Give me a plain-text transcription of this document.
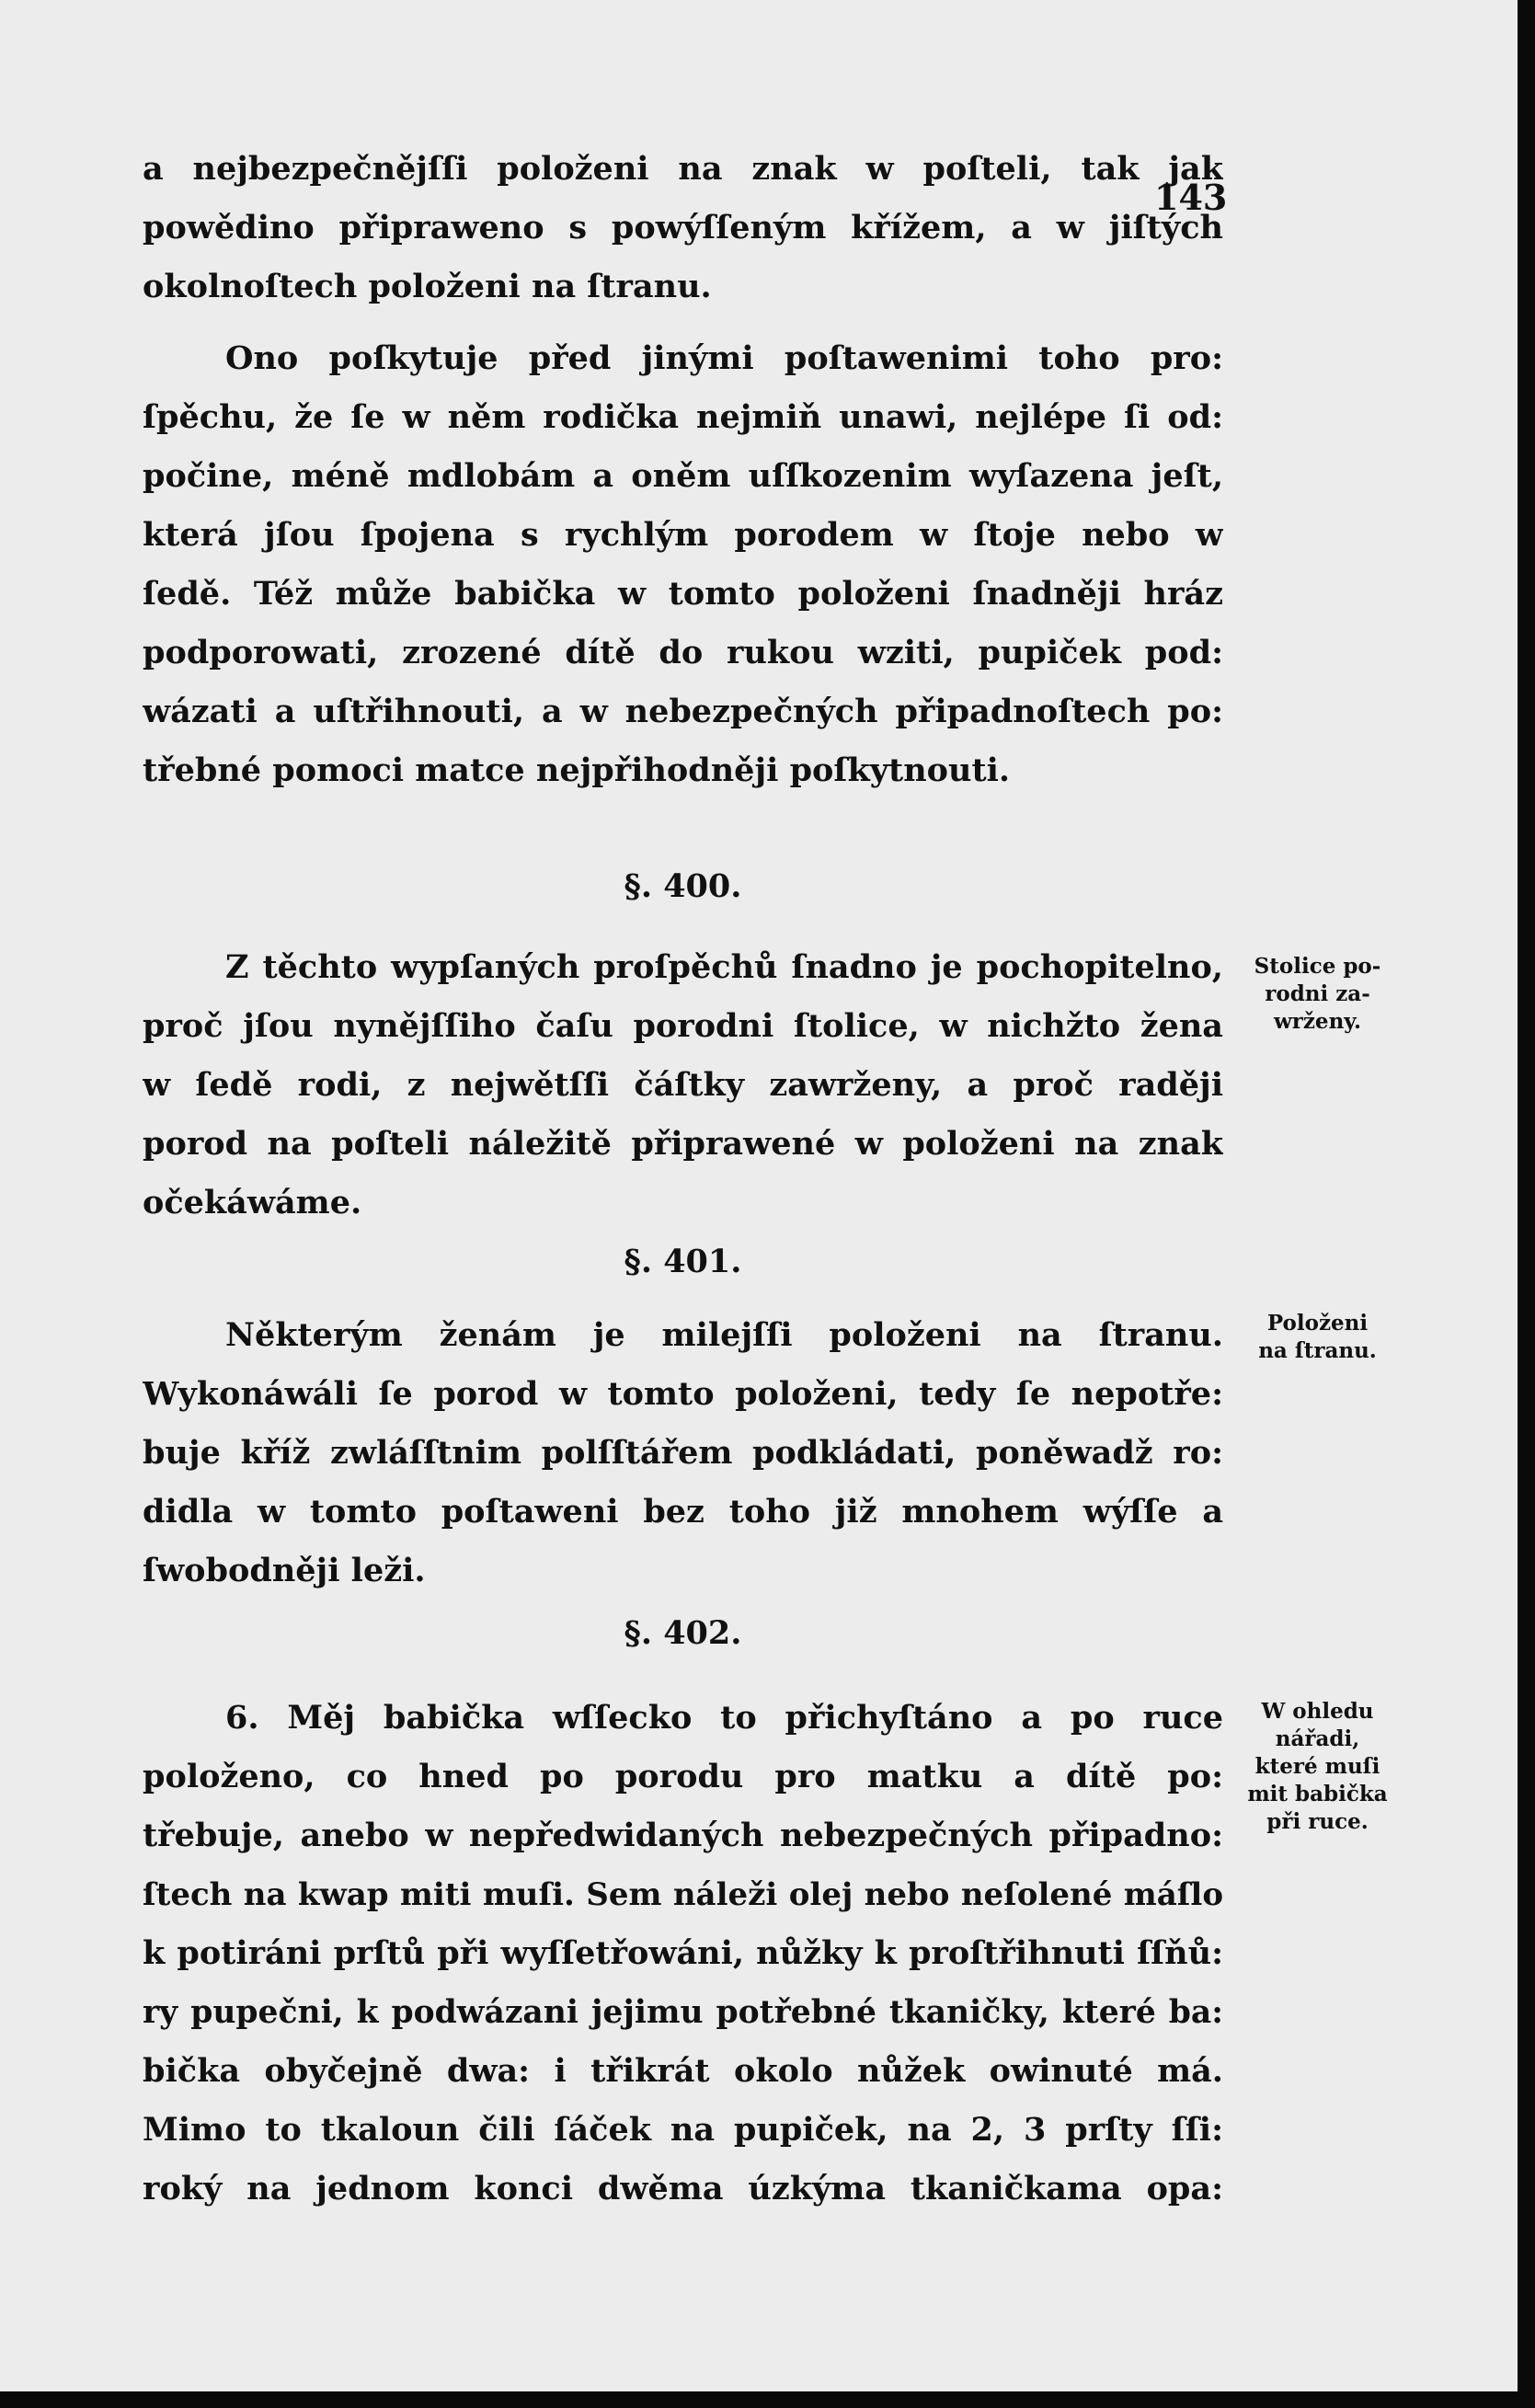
143
a nejbezpečnějſſi položeni na znak w poſteli, tak jak
powědino připraweno s powýſſeným křížem, a w jiſtých
okolnoſtech položeni na ſtranu.
Ono poſkytuje před jinými poſtawenimi toho pro:
ſpěchu, že ſe w něm rodička nejmiň unawi, nejlépe ſi od:
počine, méně mdlobám a oněm uſſkozenim wyſazena jeſt,
která jſou ſpojena s rychlým porodem w ſtoje nebo w
ſedě. Též může babička w tomto položeni ſnadněji hráz
podporowati, zrozené dítě do rukou wziti, pupiček pod:
wázati a uſtřihnouti, a w nebezpečných připadnoſtech po:
třebné pomoci matce nejpřihodněji poſkytnouti.
§. 400.
Z těchto wypſaných proſpěchů ſnadno je pochopitelno,
proč jſou nynějſſiho čaſu porodni ſtolice, w nichžto žena
w ſedě rodi, z nejwětſſi čáſtky zawrženy, a proč raději
porod na poſteli náležitě připrawené w položeni na znak
očekáwáme.
Stolice po-
rodni za-
wrženy.
§. 401.
Některým ženám je milejſſi položeni na ſtranu.
Wykonáwáli ſe porod w tomto položeni, tedy ſe nepotře:
buje kříž zwláſſtnim polſſtářem podkládati, poněwadž ro:
didla w tomto poſtaweni bez toho již mnohem wýſſe a
ſwobodněji leži.
Položeni
na ſtranu.
§. 402.
6. Měj babička wſſecko to přichyſtáno a po ruce
položeno, co hned po porodu pro matku a dítě po:
třebuje, anebo w nepředwidaných nebezpečných připadno:
ſtech na kwap miti muſi. Sem náleži olej nebo neſolené máſlo
k potiráni prſtů při wyſſetřowáni, nůžky k proſtřihnuti ſſňů:
ry pupečni, k podwázani jejimu potřebné tkaničky, které ba:
bička obyčejně dwa: i třikrát okolo nůžek owinuté má.
Mimo to tkaloun čili ſáček na pupiček, na 2, 3 prſty ſſi:
roký na jednom konci dwěma úzkýma tkaničkama opa:
W ohledu
nářadi,
které muſi
mit babička
při ruce.
